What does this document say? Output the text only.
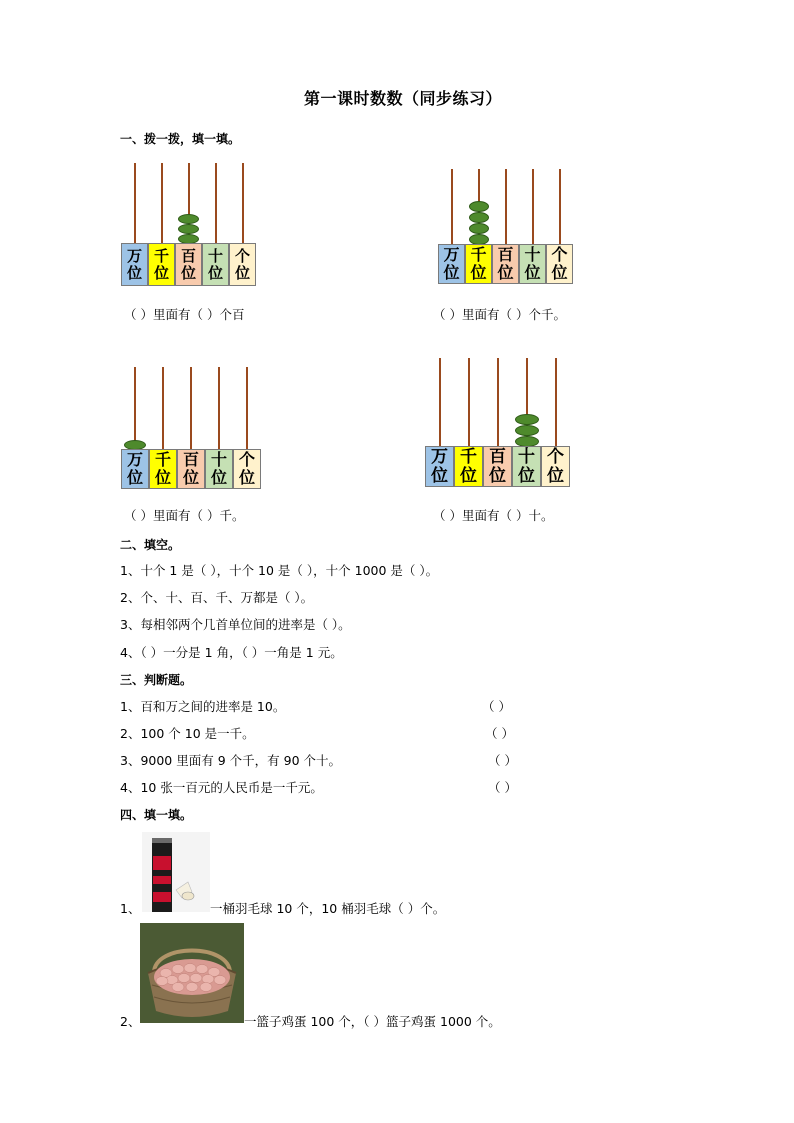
第一课时数数（同步练习）
一、拨一拨，填一填。
万
位
千
位
百
位
十
位
个
位
（ ）里面有（ ）个百
万
位
千
位
百
位
十
位
个
位
（ ）里面有（ ）个千。
万
位
千
位
百
位
十
位
个
位
（ ）里面有（ ）千。
万
位
千
位
百
位
十
位
个
位
（ ）里面有（ ）十。
二、填空。
1、十个 1 是（ ），十个 10 是（ ），十个 1000 是（ ）。
2、个、十、百、千、万都是（ ）。
3、每相邻两个几首单位间的进率是（ ）。
4、（ ）一分是 1 角，（ ）一角是 1 元。
三、判断题。
1、百和万之间的进率是 10。	（ ）
2、100 个 10 是一千。	（ ）
3、9000 里面有 9 个千，有 90 个十。	（ ）
4、10 张一百元的人民币是一千元。	（ ）
四、填一填。
1、	一桶羽毛球 10 个，10 桶羽毛球（ ）个。
2、	一篮子鸡蛋 100 个，（ ）篮子鸡蛋 1000 个。
